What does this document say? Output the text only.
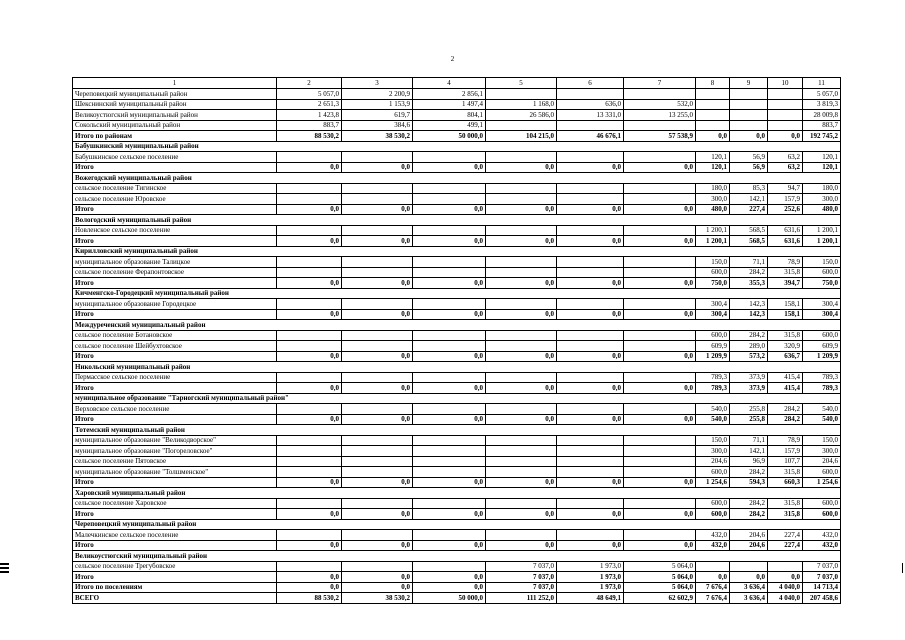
2
1	2	3	4	5	6	7	8	9	10	11
Череповецкий муниципальный район	5 057,0	2 200,9	2 856,1							5 057,0
Шекснинский муниципальный район	2 651,3	1 153,9	1 497,4	1 168,0	636,0	532,0				3 819,3
Великоустюгский муниципальный район	1 423,8	619,7	804,1	26 586,0	13 331,0	13 255,0				28 009,8
Сокольский муниципальный район	883,7	384,6	499,1							883,7
Итого по районам	88 530,2	38 530,2	50 000,0	104 215,0	46 676,1	57 538,9	0,0	0,0	0,0	192 745,2
Бабушкинский муниципальный район										
Бабушкинское сельское поселение							120,1	56,9	63,2	120,1
Итого	0,0	0,0	0,0	0,0	0,0	0,0	120,1	56,9	63,2	120,1
Вожегодский муниципальный район										
сельское поселение Тигинское							180,0	85,3	94,7	180,0
сельское поселение Юровское							300,0	142,1	157,9	300,0
Итого	0,0	0,0	0,0	0,0	0,0	0,0	480,0	227,4	252,6	480,0
Вологодский муниципальный район										
Новленское сельское поселение							1 200,1	568,5	631,6	1 200,1
Итого	0,0	0,0	0,0	0,0	0,0	0,0	1 200,1	568,5	631,6	1 200,1
Кирилловский муниципальный район										
муниципальное образование Талицкое							150,0	71,1	78,9	150,0
сельское поселение Ферапонтовское							600,0	284,2	315,8	600,0
Итого	0,0	0,0	0,0	0,0	0,0	0,0	750,0	355,3	394,7	750,0
Кичменгско-Городецкий муниципальный район										
муниципальное образование Городецкое							300,4	142,3	158,1	300,4
Итого	0,0	0,0	0,0	0,0	0,0	0,0	300,4	142,3	158,1	300,4
Междуреченский муниципальный район										
сельское поселение Ботановское							600,0	284,2	315,8	600,0
сельское поселение Шейбухтовское							609,9	289,0	320,9	609,9
Итого	0,0	0,0	0,0	0,0	0,0	0,0	1 209,9	573,2	636,7	1 209,9
Никольский муниципальный район										
Пермасское сельское поселение							789,3	373,9	415,4	789,3
Итого	0,0	0,0	0,0	0,0	0,0	0,0	789,3	373,9	415,4	789,3
муниципальное образование "Тарногский муниципальный район"										
Верховское сельское поселение							540,0	255,8	284,2	540,0
Итого	0,0	0,0	0,0	0,0	0,0	0,0	540,0	255,8	284,2	540,0
Тотемский муниципальный район										
муниципальное образование "Великодворское"							150,0	71,1	78,9	150,0
муниципальное образование "Погореловское"							300,0	142,1	157,9	300,0
сельское поселение Пятовское							204,6	96,9	107,7	204,6
муниципальное образование "Толшменское"							600,0	284,2	315,8	600,0
Итого	0,0	0,0	0,0	0,0	0,0	0,0	1 254,6	594,3	660,3	1 254,6
Харовский муниципальный район										
сельское поселение Харовское							600,0	284,2	315,8	600,0
Итого	0,0	0,0	0,0	0,0	0,0	0,0	600,0	284,2	315,8	600,0
Череповецкий муниципальный район										
Малечкинское сельское поселение							432,0	204,6	227,4	432,0
Итого	0,0	0,0	0,0	0,0	0,0	0,0	432,0	204,6	227,4	432,0
Великоустюгский муниципальный район										
сельское поселение Трегубовское				7 037,0	1 973,0	5 064,0				7 037,0
Итого	0,0	0,0	0,0	7 037,0	1 973,0	5 064,0	0,0	0,0	0,0	7 037,0
Итого по поселениям	0,0	0,0	0,0	7 037,0	1 973,0	5 064,0	7 676,4	3 636,4	4 040,0	14 713,4
ВСЕГО	88 530,2	38 530,2	50 000,0	111 252,0	48 649,1	62 602,9	7 676,4	3 636,4	4 040,0	207 458,6
